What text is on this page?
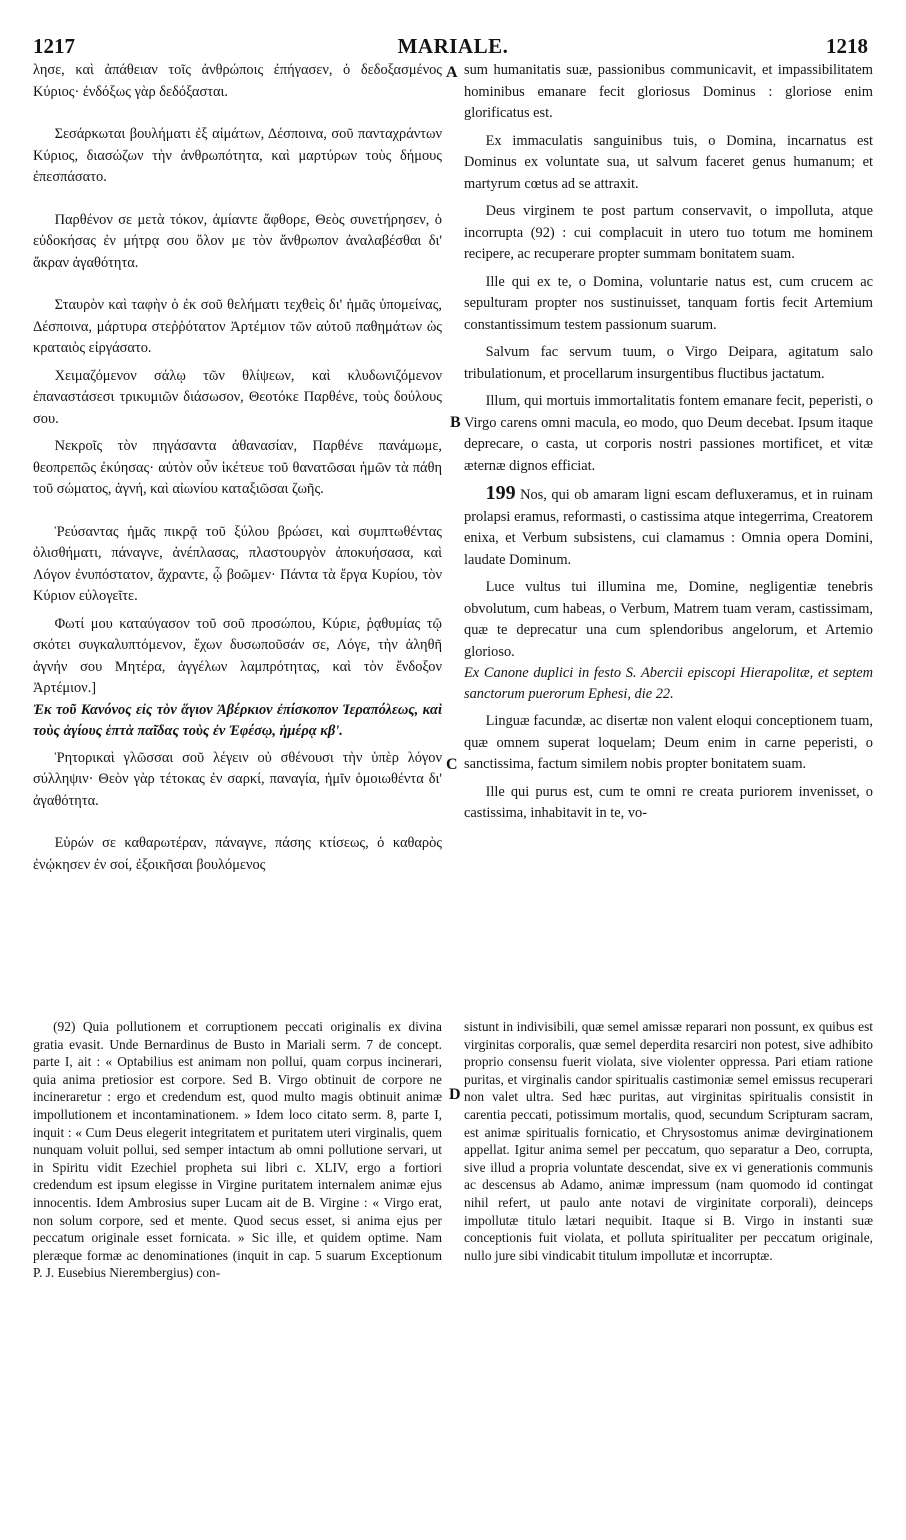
1217	MARIALE.	1218
A
B
C
D

λησε, καὶ ἀπάθειαν τοῖς ἀνθρώποις ἐπήγασεν, ὁ δεδοξασμένος Κύριος· ἐνδόξως γὰρ δεδόξασται.

Σεσάρκωται βουλήματι ἐξ αἱμάτων, Δέσποινα, σοῦ πανταχράντων Κύριος, διασώζων τὴν ἀνθρωπότητα, καὶ μαρτύρων τοὺς δήμους ἐπεσπάσατο.

Παρθένον σε μετὰ τόκον, ἀμίαντε ἄφθορε, Θεὸς συνετήρησεν, ὁ εὐδοκήσας ἐν μήτρᾳ σου ὅλον με τὸν ἄνθρωπον ἀναλαβέσθαι δι' ἄκραν ἀγαθότητα.

Σταυρὸν καὶ ταφὴν ὁ ἐκ σοῦ θελήματι τεχθεὶς δι' ἡμᾶς ὑπομείνας, Δέσποινα, μάρτυρα στεῤῥότατον Ἀρτέμιον τῶν αὐτοῦ παθημάτων ὡς κραταιὸς εἰργάσατο.

Χειμαζόμενον σάλῳ τῶν θλίψεων, καὶ κλυδωνιζόμενον ἐπαναστάσεσι τρικυμιῶν διάσωσον, Θεοτόκε Παρθένε, τοὺς δούλους σου.

Νεκροῖς τὸν πηγάσαντα ἀθανασίαν, Παρθένε πανάμωμε, θεοπρεπῶς ἐκύησας· αὐτὸν οὖν ἱκέτευε τοῦ θανατῶσαι ἡμῶν τὰ πάθη τοῦ σώματος, ἁγνή, καὶ αἰωνίου καταξιῶσαι ζωῆς.

Ῥεύσαντας ἡμᾶς πικρᾷ τοῦ ξύλου βρώσει, καὶ συμπτωθέντας ὀλισθήματι, πάναγνε, ἀνέπλασας, πλαστουργὸν ἀποκυήσασα, καὶ Λόγον ἐνυπόστατον, ἄχραντε, ᾧ βοῶμεν· Πάντα τὰ ἔργα Κυρίου, τὸν Κύριον εὐλογεῖτε.

Φωτί μου καταύγασον τοῦ σοῦ προσώπου, Κύριε, ῥᾳθυμίας τῷ σκότει συγκαλυπτόμενον, ἔχων δυσωποῦσάν σε, Λόγε, τὴν ἀληθῆ ἁγνήν σου Μητέρα, ἀγγέλων λαμπρότητας, καὶ τὸν ἔνδοξον Ἀρτέμιον.]

Ἐκ τοῦ Κανόνος εἰς τὸν ἅγιον Ἀβέρκιον ἐπίσκοπον Ἱεραπόλεως, καὶ τοὺς ἁγίους ἑπτὰ παῖδας τοὺς ἐν Ἐφέσῳ, ἡμέρᾳ κβ'.

Ῥητορικαὶ γλῶσσαι σοῦ λέγειν οὐ σθένουσι τὴν ὑπὲρ λόγον σύλληψιν· Θεὸν γὰρ τέτοκας ἐν σαρκί, παναγία, ἡμῖν ὁμοιωθέντα δι' ἀγαθότητα.

Εὑρών σε καθαρωτέραν, πάναγνε, πάσης κτίσεως, ὁ καθαρὸς ἐνῴκησεν ἐν σοί, ἐξοικῆσαι βουλόμενος

sum humanitatis suæ, passionibus communicavit, et impassibilitatem hominibus emanare fecit gloriosus Dominus : gloriose enim glorificatus est.

Ex immaculatis sanguinibus tuis, o Domina, incarnatus est Dominus ex voluntate sua, ut salvum faceret genus humanum; et martyrum cœtus ad se attraxit.

Deus virginem te post partum conservavit, o impolluta, atque incorrupta (92) : cui complacuit in utero tuo totum me hominem recipere, ac recuperare propter summam bonitatem suam.

Ille qui ex te, o Domina, voluntarie natus est, cum crucem ac sepulturam propter nos sustinuisset, tanquam fortis fecit Artemium constantissimum testem passionum suarum.

Salvum fac servum tuum, o Virgo Deipara, agitatum salo tribulationum, et procellarum insurgentibus fluctibus jactatum.

Illum, qui mortuis immortalitatis fontem emanare fecit, peperisti, o Virgo carens omni macula, eo modo, quo Deum decebat. Ipsum itaque deprecare, o casta, ut corporis nostri passiones mortificet, et vitæ æternæ dignos efficiat.

199 Nos, qui ob amaram ligni escam defluxeramus, et in ruinam prolapsi eramus, reformasti, o castissima atque integerrima, Creatorem enixa, et Verbum subsistens, cui clamamus : Omnia opera Domini, laudate Dominum.

Luce vultus tui illumina me, Domine, negligentiæ tenebris obvolutum, cum habeas, o Verbum, Matrem tuam veram, castissimam, quæ te deprecatur una cum splendoribus angelorum, et Artemio glorioso.

Ex Canone duplici in festo S. Abercii episcopi Hierapolitæ, et septem sanctorum puerorum Ephesi, die 22.

Linguæ facundæ, ac disertæ non valent eloqui conceptionem tuam, quæ omnem superat loquelam; Deum enim in carne peperisti, o sanctissima, factum similem nobis propter bonitatem suam.

Ille qui purus est, cum te omni re creata puriorem invenisset, o castissima, inhabitavit in te, vo-

(92) Quia pollutionem et corruptionem peccati originalis ex divina gratia evasit. Unde Bernardinus de Busto in Mariali serm. 7 de concept. parte I, ait : « Optabilius est animam non pollui, quam corpus incinerari, quia anima pretiosior est corpore. Sed B. Virgo obtinuit de corpore ne incineraretur : ergo et credendum est, quod multo magis obtinuit animæ impollutionem et incontaminationem. » Idem loco citato serm. 8, parte I, inquit : « Cum Deus elegerit integritatem et puritatem uteri virginalis, quem nunquam voluit pollui, sed semper intactum ab omni pollutione servari, ut in Spiritu vidit Ezechiel propheta sui libri c. XLIV, ergo a fortiori credendum est ipsum elegisse in Virgine puritatem internalem animæ ejus innocentis. Idem Ambrosius super Lucam ait de B. Virgine : « Virgo erat, non solum corpore, sed et mente. Quod secus esset, si anima ejus per peccatum originale esset fornicata. » Sic ille, et quidem optime. Nam pleræque formæ ac denominationes (inquit in cap. 5 suarum Exceptionum P. J. Eusebius Nierembergius) con-

sistunt in indivisibili, quæ semel amissæ reparari non possunt, ex quibus est virginitas corporalis, quæ semel deperdita resarciri non potest, sive adhibito proprio consensu fuerit violata, sive violenter oppressa. Pari etiam ratione puritas, et virginalis candor spiritualis castimoniæ semel emissus recuperari non valet ultra. Sed hæc puritas, aut virginitas spiritualis consistit in carentia peccati, potissimum mortalis, quod, secundum Scripturam sacram, est animæ spiritualis fornicatio, et Chrysostomus animæ devirginationem appellat. Igitur anima semel per peccatum, quo separatur a Deo, corrupta, sive illud a propria voluntate descendat, sive ex vi generationis communis ac descensus ab Adamo, animæ impressum (nam quomodo id contingat nihil refert, ut paulo ante notavi de virginitate corporali), deinceps impollutæ titulo lætari nequibit. Itaque si B. Virgo in instanti suæ conceptionis fuit violata, et polluta spiritualiter per peccatum originale, nullo jure sibi vindicabit titulum impollutæ et incorruptæ.
